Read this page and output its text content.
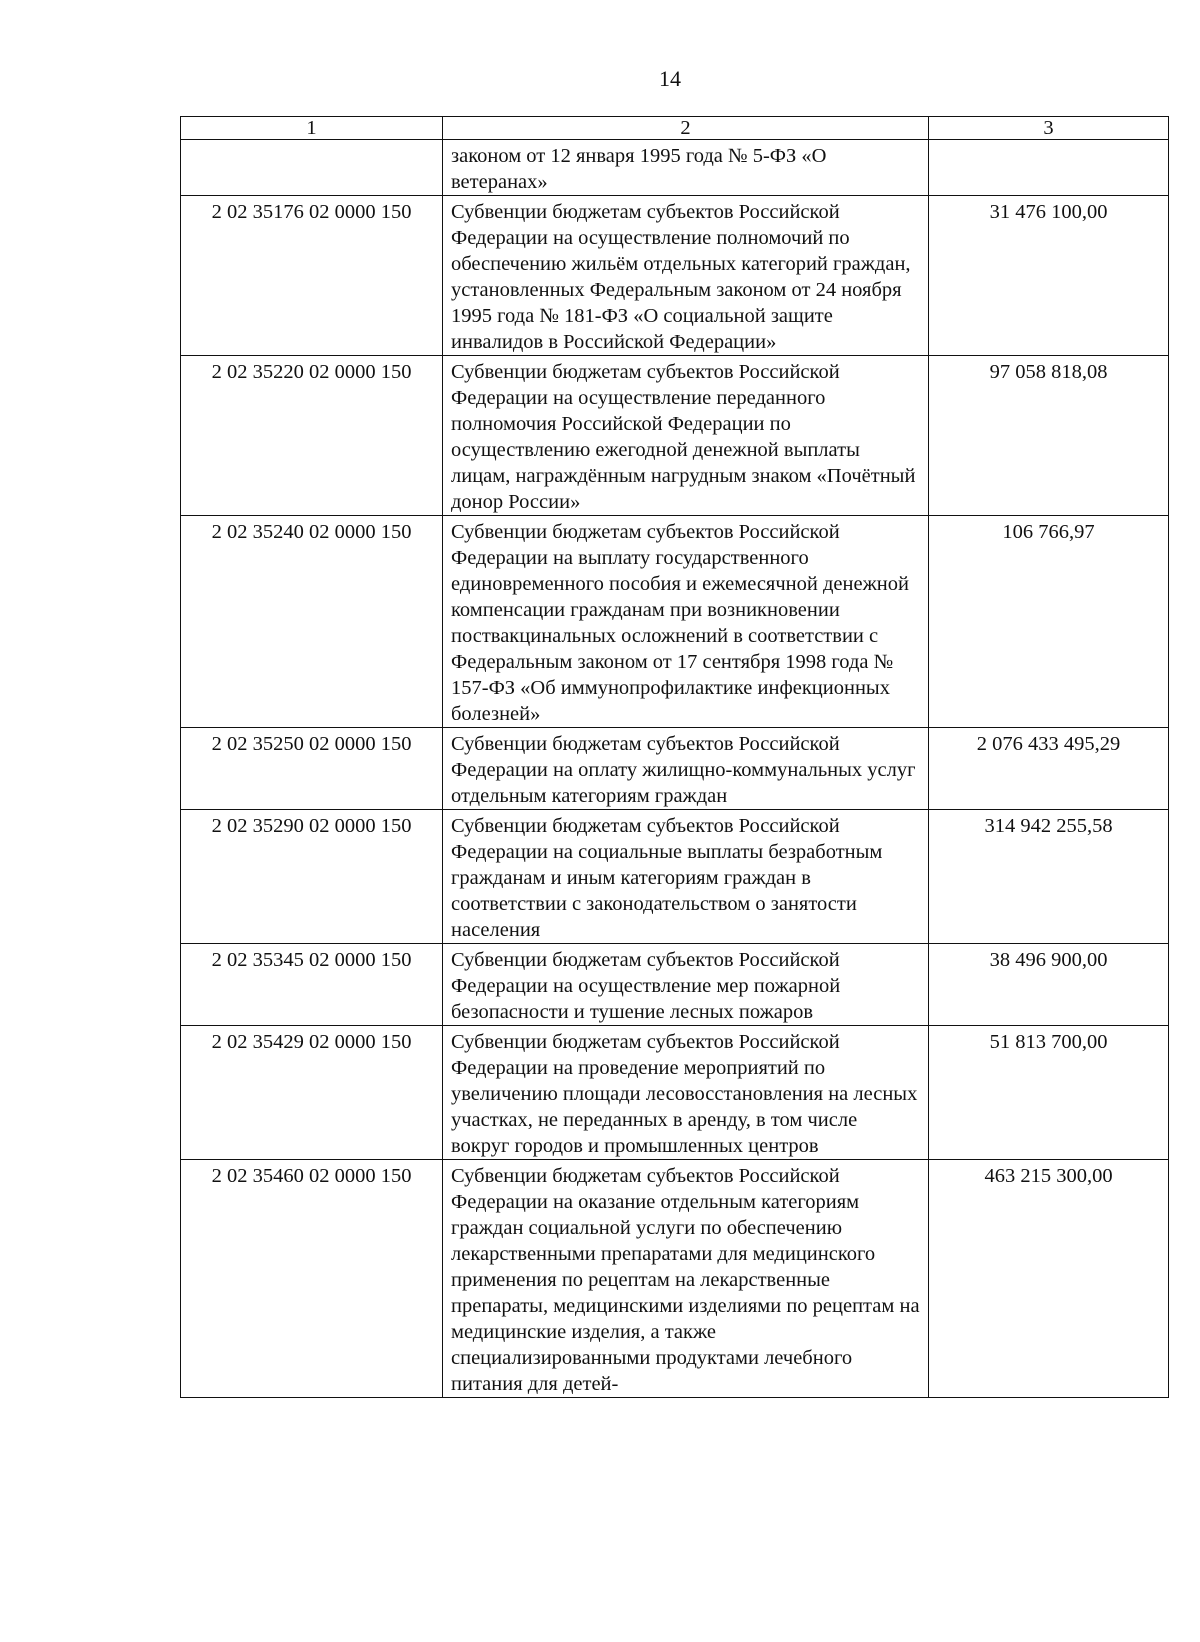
14
1	2	3
	законом от 12 января 1995 года № 5-ФЗ «О ветеранах»	
2 02 35176 02 0000 150	Субвенции бюджетам субъектов Российской Федерации на осуществление полномочий по обеспечению жильём отдельных категорий граждан, установленных Федеральным законом от 24 ноября 1995 года № 181-ФЗ «О социальной защите инвалидов в Российской Федерации»	31 476 100,00
2 02 35220 02 0000 150	Субвенции бюджетам субъектов Российской Федерации на осуществление переданного полномочия Российской Федерации по осуществлению ежегодной денежной выплаты лицам, награждённым нагрудным знаком «Почётный донор России»	97 058 818,08
2 02 35240 02 0000 150	Субвенции бюджетам субъектов Российской Федерации на выплату государственного единовременного пособия и ежемесячной денежной компенсации гражданам при возникновении поствакцинальных осложнений в соответствии с Федеральным законом от 17 сентября 1998 года № 157-ФЗ «Об иммунопрофилактике инфекционных болезней»	106 766,97
2 02 35250 02 0000 150	Субвенции бюджетам субъектов Российской Федерации на оплату жилищно-коммунальных услуг отдельным категориям граждан	2 076 433 495,29
2 02 35290 02 0000 150	Субвенции бюджетам субъектов Российской Федерации на социальные выплаты безработным гражданам и иным категориям граждан в соответствии с законодательством о занятости населения	314 942 255,58
2 02 35345 02 0000 150	Субвенции бюджетам субъектов Российской Федерации на осуществление мер пожарной безопасности и тушение лесных пожаров	38 496 900,00
2 02 35429 02 0000 150	Субвенции бюджетам субъектов Российской Федерации на проведение мероприятий по увеличению площади лесовосстановления на лесных участках, не переданных в аренду, в том числе вокруг городов и промышленных центров	51 813 700,00
2 02 35460 02 0000 150	Субвенции бюджетам субъектов Российской Федерации на оказание отдельным категориям граждан социальной услуги по обеспечению лекарственными препаратами для медицинского применения по рецептам на лекарственные препараты, медицинскими изделиями по рецептам на медицинские изделия, а также специализированными продуктами лечебного питания для детей-	463 215 300,00
